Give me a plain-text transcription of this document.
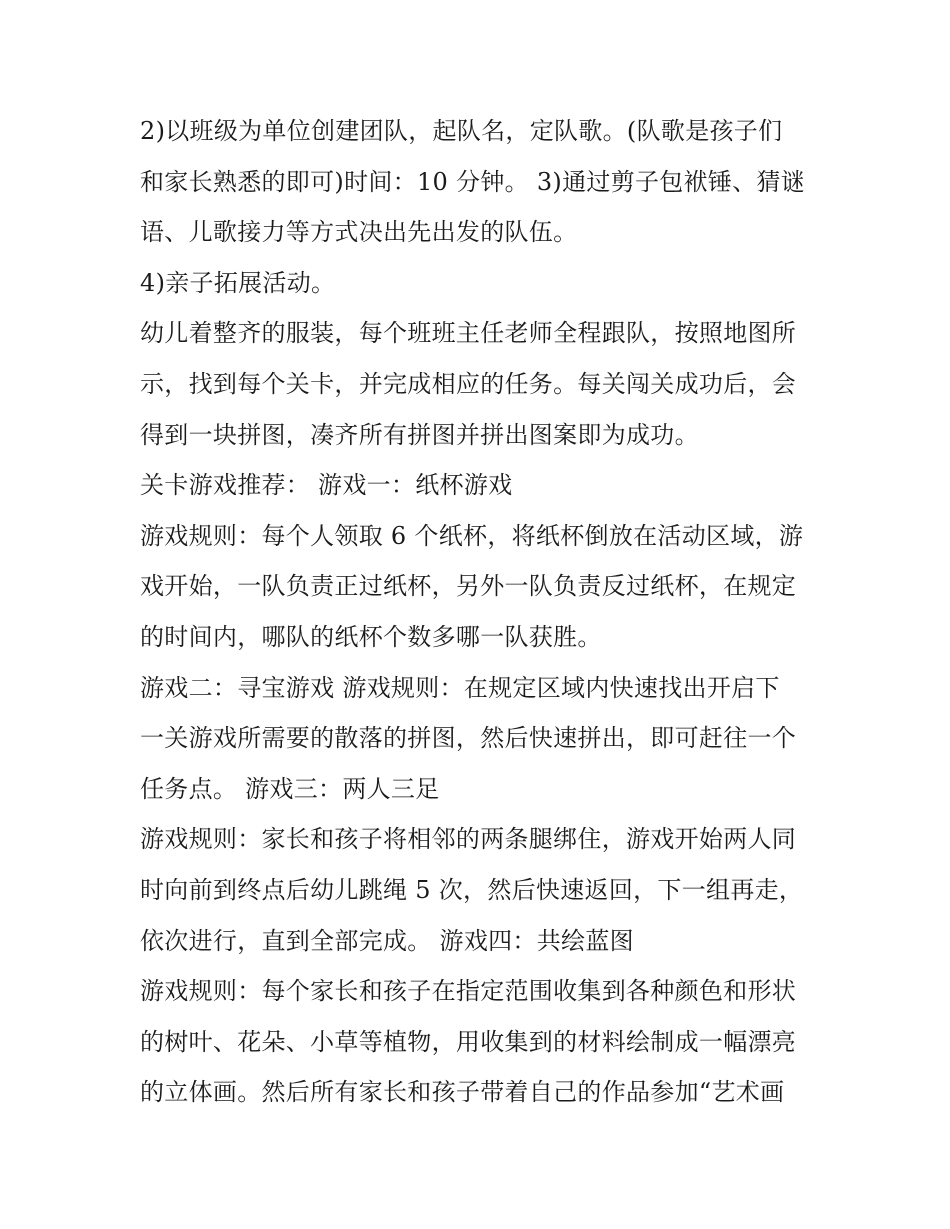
2)以班级为单位创建团队，起队名，定队歌。(队歌是孩子们
和家长熟悉的即可)时间：10 分钟。 3)通过剪子包袱锤、猜谜
语、儿歌接力等方式决出先出发的队伍。
4)亲子拓展活动。
幼儿着整齐的服装，每个班班主任老师全程跟队，按照地图所
示，找到每个关卡，并完成相应的任务。每关闯关成功后，会
得到一块拼图，凑齐所有拼图并拼出图案即为成功。
关卡游戏推荐： 游戏一：纸杯游戏
游戏规则：每个人领取 6 个纸杯，将纸杯倒放在活动区域，游
戏开始，一队负责正过纸杯，另外一队负责反过纸杯，在规定
的时间内，哪队的纸杯个数多哪一队获胜。
游戏二：寻宝游戏 游戏规则：在规定区域内快速找出开启下
一关游戏所需要的散落的拼图，然后快速拼出，即可赶往一个
任务点。 游戏三：两人三足
游戏规则：家长和孩子将相邻的两条腿绑住，游戏开始两人同
时向前到终点后幼儿跳绳 5 次，然后快速返回，下一组再走，
依次进行，直到全部完成。 游戏四：共绘蓝图
游戏规则：每个家长和孩子在指定范围收集到各种颜色和形状
的树叶、花朵、小草等植物，用收集到的材料绘制成一幅漂亮
的立体画。然后所有家长和孩子带着自己的作品参加“艺术画
